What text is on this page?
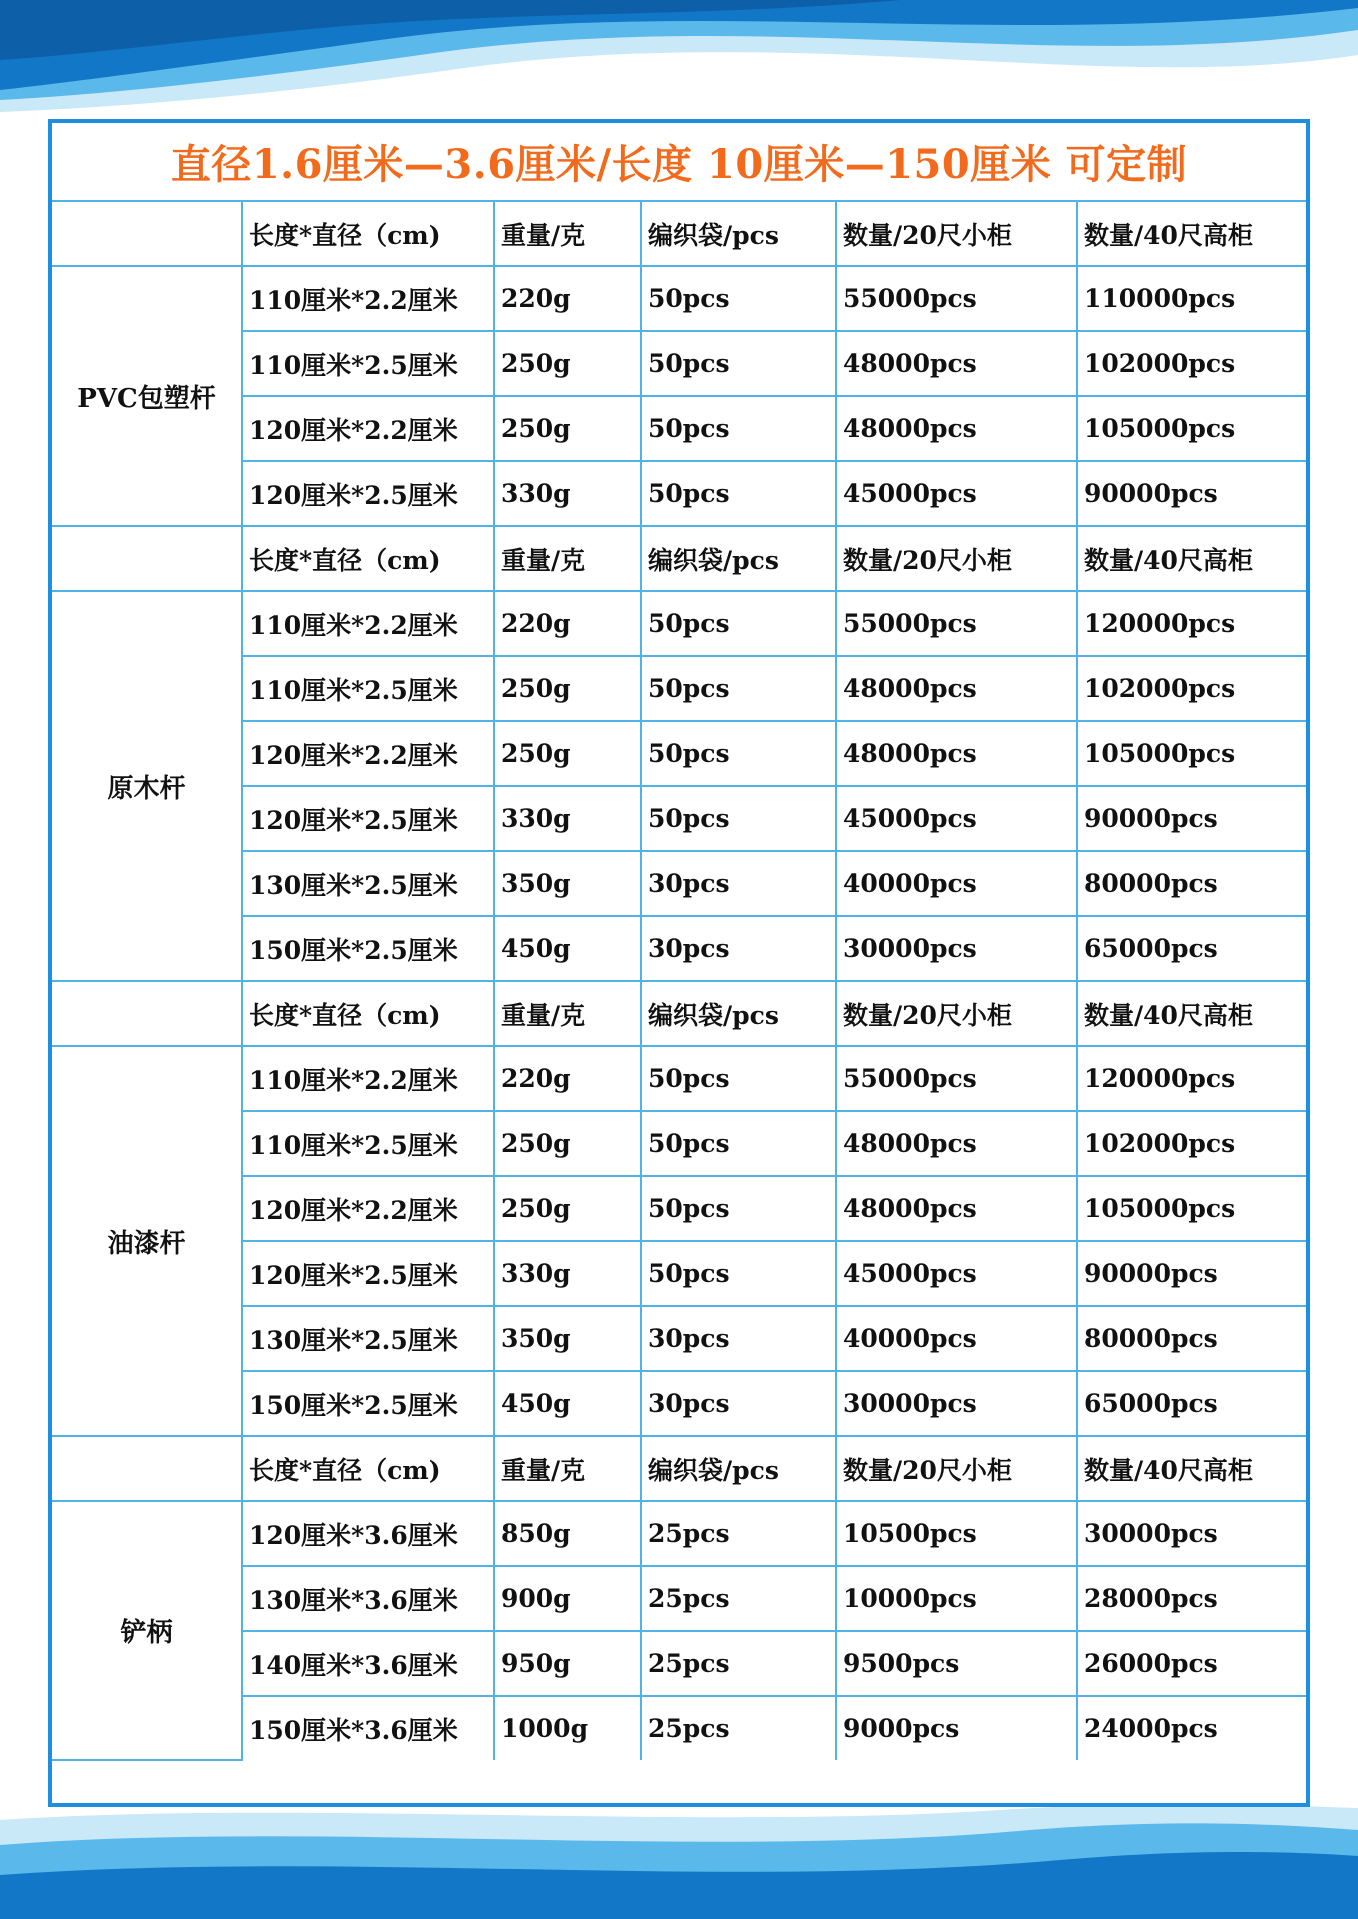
直径1.6厘米—3.6厘米/长度 10厘米—150厘米 可定制
	长度*直径（cm)	重量/克	编织袋/pcs	数量/20尺小柜	数量/40尺高柜
PVC包塑杆	110厘米*2.2厘米	220g	50pcs	55000pcs	110000pcs
	110厘米*2.5厘米	250g	50pcs	48000pcs	102000pcs
	120厘米*2.2厘米	250g	50pcs	48000pcs	105000pcs
	120厘米*2.5厘米	330g	50pcs	45000pcs	90000pcs
	长度*直径（cm)	重量/克	编织袋/pcs	数量/20尺小柜	数量/40尺高柜
原木杆	110厘米*2.2厘米	220g	50pcs	55000pcs	120000pcs
	110厘米*2.5厘米	250g	50pcs	48000pcs	102000pcs
	120厘米*2.2厘米	250g	50pcs	48000pcs	105000pcs
	120厘米*2.5厘米	330g	50pcs	45000pcs	90000pcs
	130厘米*2.5厘米	350g	30pcs	40000pcs	80000pcs
	150厘米*2.5厘米	450g	30pcs	30000pcs	65000pcs
	长度*直径（cm)	重量/克	编织袋/pcs	数量/20尺小柜	数量/40尺高柜
油漆杆	110厘米*2.2厘米	220g	50pcs	55000pcs	120000pcs
	110厘米*2.5厘米	250g	50pcs	48000pcs	102000pcs
	120厘米*2.2厘米	250g	50pcs	48000pcs	105000pcs
	120厘米*2.5厘米	330g	50pcs	45000pcs	90000pcs
	130厘米*2.5厘米	350g	30pcs	40000pcs	80000pcs
	150厘米*2.5厘米	450g	30pcs	30000pcs	65000pcs
	长度*直径（cm)	重量/克	编织袋/pcs	数量/20尺小柜	数量/40尺高柜
铲柄	120厘米*3.6厘米	850g	25pcs	10500pcs	30000pcs
	130厘米*3.6厘米	900g	25pcs	10000pcs	28000pcs
	140厘米*3.6厘米	950g	25pcs	9500pcs	26000pcs
	150厘米*3.6厘米	1000g	25pcs	9000pcs	24000pcs
